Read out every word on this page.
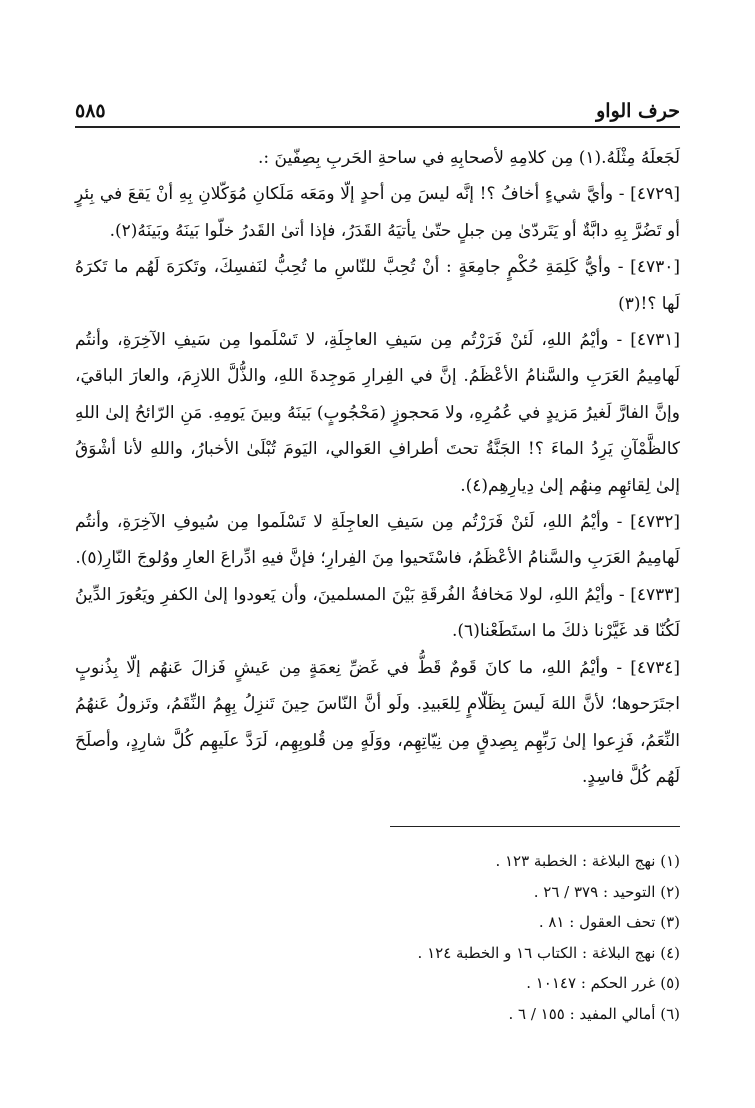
حرف الواو
٥٨٥

لَجَعلَهُ مِثْلَهُ.(١) مِن كلامِهِ لأصحابِهِ في ساحةِ الحَربِ بِصِفّينَ :.

[٤٧٢٩] - وأيَّ شيءٍ أخافُ ؟! إنَّه ليسَ مِن أحدٍ إلّا ومَعَه مَلَكانِ مُوَكّلانِ بِهِ أنْ يَقعَ في بِئرٍ أو تَضُرَّ بِهِ دابَّةٌ أو يَتَردّىٰ مِن جبلٍ حتّىٰ يأتيَهُ القَدَرُ، فإذا أتىٰ القَدرُ خلّوا بَينَهُ وبَينَهُ(٢).

[٤٧٣٠] - وأيُّ كَلِمَةِ حُكْمٍ جامِعَةٍ : أنْ تُحِبَّ للنّاسِ ما تُحِبُّ لنَفسِكَ، وتَكرَهَ لَهُم ما تَكرَهُ لَها ؟!(٣)

[٤٧٣١] - وأيْمُ اللهِ، لَئنْ فَرَرْتُم مِن سَيفِ العاجِلَةِ، لا تَسْلَموا مِن سَيفِ الآخِرَةِ، وأنتُم لَهامِيمُ العَرَبِ والسَّنامُ الأعْظَمُ. إنَّ في الفِرارِ مَوجِدةَ اللهِ، والذُّلَّ اللازِمَ، والعارَ الباقيَ، وإنَّ الفارَّ لَغيرُ مَزيدٍ في عُمُرِهِ، ولا مَحجوزٍ (مَحْجُوبٍ) بَينَهُ وبينَ يَومِهِ. مَنِ الرّائحُ إلىٰ اللهِ كالظَّمْآنِ يَرِدُ الماءَ ؟! الجَنَّةُ تحتَ أطرافِ العَوالي، اليَومَ تُبْلَىٰ الأخبارُ، واللهِ لأنا أشْوَقُ إلىٰ لِقائهِم مِنهُم إلىٰ دِيارِهِم(٤).

[٤٧٣٢] - وأيْمُ اللهِ، لَئنْ فَرَرْتُم مِن سَيفِ العاجِلَةِ لا تَسْلَموا مِن سُيوفِ الآخِرَةِ، وأنتُم لَهامِيمُ العَرَبِ والسَّنامُ الأعْظَمُ، فاسْتَحيوا مِنَ الفِرارِ؛ فإنَّ فيهِ ادِّراعَ العارِ ووُلوجَ النّارِ(٥).

[٤٧٣٣] - وأيْمُ اللهِ، لولا مَخافةُ الفُرقَةِ بَيْنَ المسلمينَ، وأن يَعودوا إلىٰ الكفرِ ويَعُورَ الدِّينُ لَكُنّا قد غَيَّرْنا ذلكَ ما استَطَعْنا(٦).

[٤٧٣٤] - وأيْمُ اللهِ، ما كانَ قَومٌ قَطُّ في غَضِّ نِعمَةٍ مِن عَيشٍ فَزالَ عَنهُم إلّا بِذُنوبٍ اجتَرَحوها؛ لأنَّ اللهَ لَيسَ بِظَلّامٍ لِلعَبيدِ. ولَو أنَّ النّاسَ حِينَ تَنزِلُ بِهِمُ النِّقَمُ، وتَزولُ عَنهُمُ النِّعَمُ، فَزِعوا إلىٰ رَبِّهِم بِصِدقٍ مِن نِيّاتِهِم، ووَلَهٍ مِن قُلوبِهِم، لَرَدَّ علَيهِم كُلَّ شارِدٍ، وأصلَحَ لَهُم كُلَّ فاسِدٍ.

(١) نهج البلاغة : الخطبة ١٢٣ .

(٢) التوحيد : ٣٧٩ / ٢٦ .

(٣) تحف العقول : ٨١ .

(٤) نهج البلاغة : الكتاب ١٦ و الخطبة ١٢٤ .

(٥) غرر الحكم : ١٠١٤٧ .

(٦) أمالي المفيد : ١٥٥ / ٦ .
